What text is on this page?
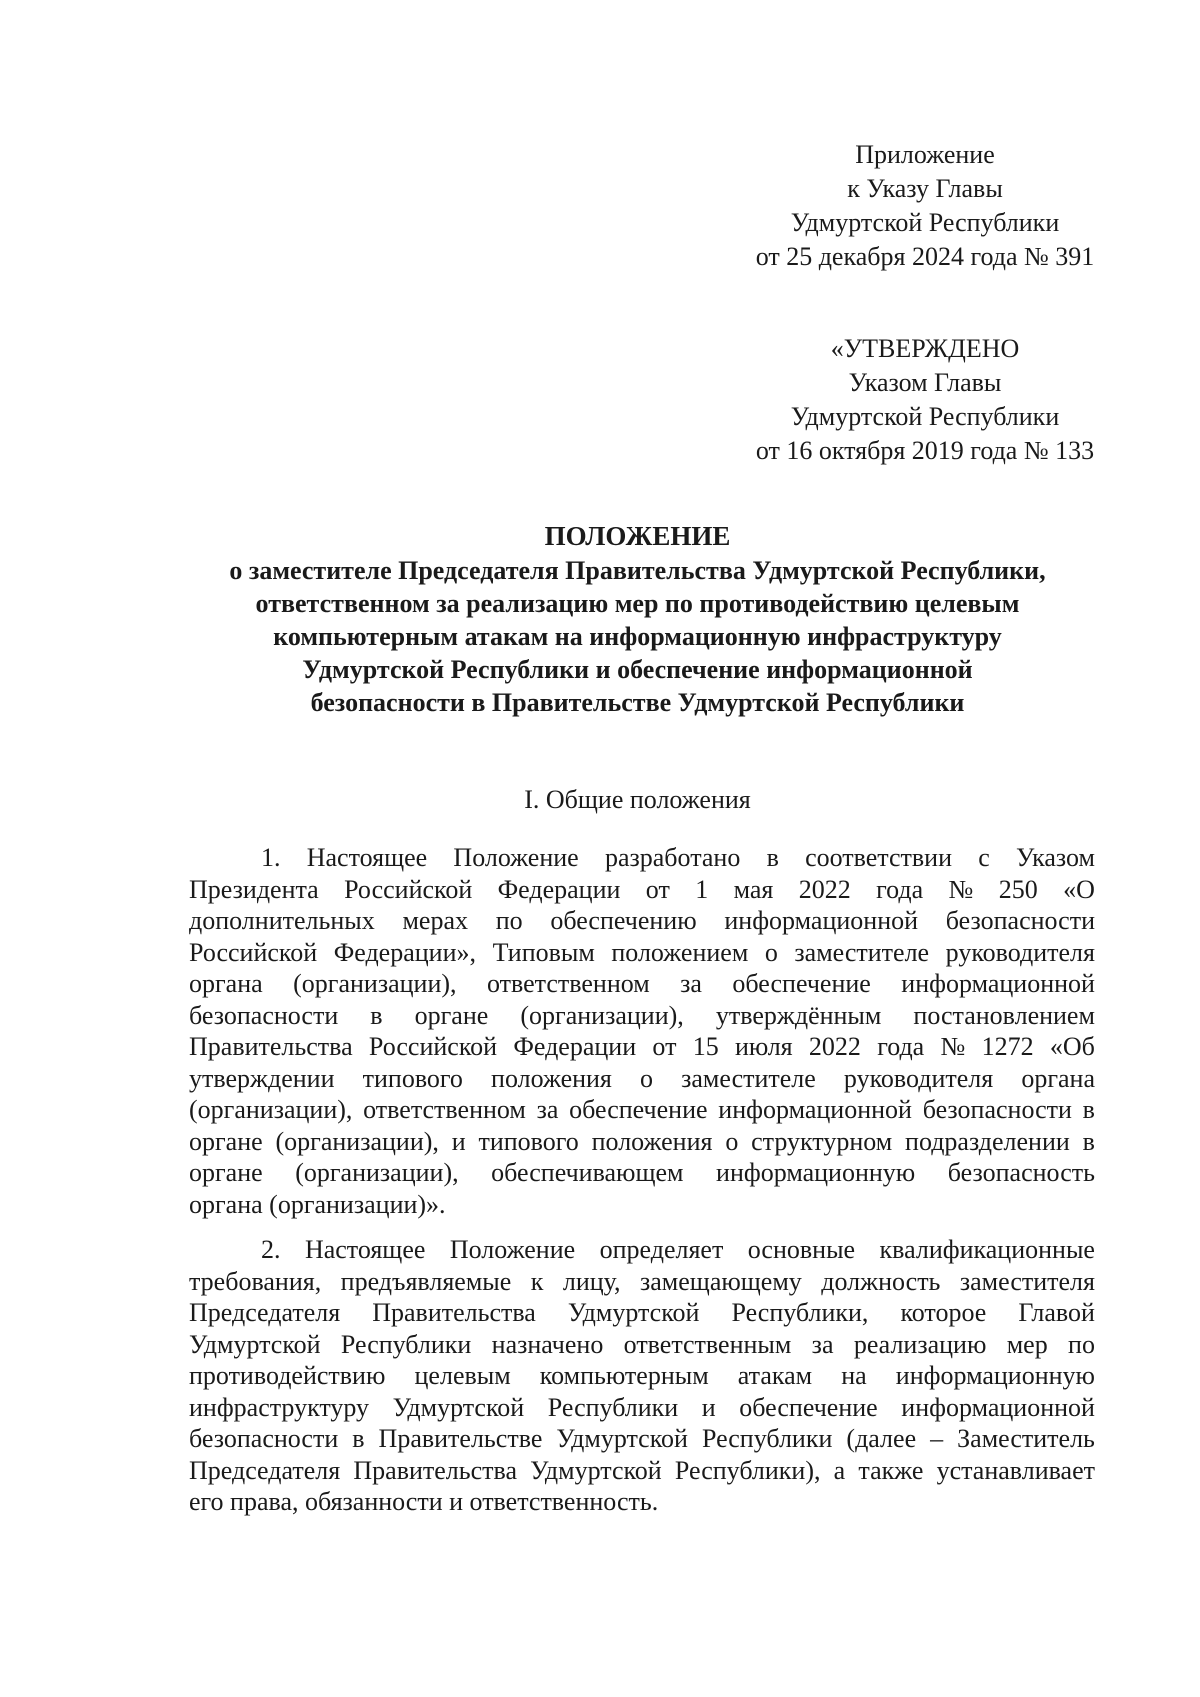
Приложение
к Указу Главы
Удмуртской Республики
от 25 декабря 2024 года № 391
«УТВЕРЖДЕНО
Указом Главы
Удмуртской Республики
от 16 октября 2019 года № 133
ПОЛОЖЕНИЕ
о заместителе Председателя Правительства Удмуртской Республики,
ответственном за реализацию мер по противодействию целевым
компьютерным атакам на информационную инфраструктуру
Удмуртской Республики и обеспечение информационной
безопасности в Правительстве Удмуртской Республики
I. Общие положения
1. Настоящее Положение разработано в соответствии с Указом
Президента Российской Федерации от 1 мая 2022 года № 250 «О
дополнительных мерах по обеспечению информационной безопасности
Российской Федерации», Типовым положением о заместителе руководителя
органа (организации), ответственном за обеспечение информационной
безопасности в органе (организации), утверждённым постановлением
Правительства Российской Федерации от 15 июля 2022 года № 1272 «Об
утверждении типового положения о заместителе руководителя органа
(организации), ответственном за обеспечение информационной безопасности в
органе (организации), и типового положения о структурном подразделении в
органе (организации), обеспечивающем информационную безопасность
органа (организации)».
2. Настоящее Положение определяет основные квалификационные
требования, предъявляемые к лицу, замещающему должность заместителя
Председателя Правительства Удмуртской Республики, которое Главой
Удмуртской Республики назначено ответственным за реализацию мер по
противодействию целевым компьютерным атакам на информационную
инфраструктуру Удмуртской Республики и обеспечение информационной
безопасности в Правительстве Удмуртской Республики (далее – Заместитель
Председателя Правительства Удмуртской Республики), а также устанавливает
его права, обязанности и ответственность.
